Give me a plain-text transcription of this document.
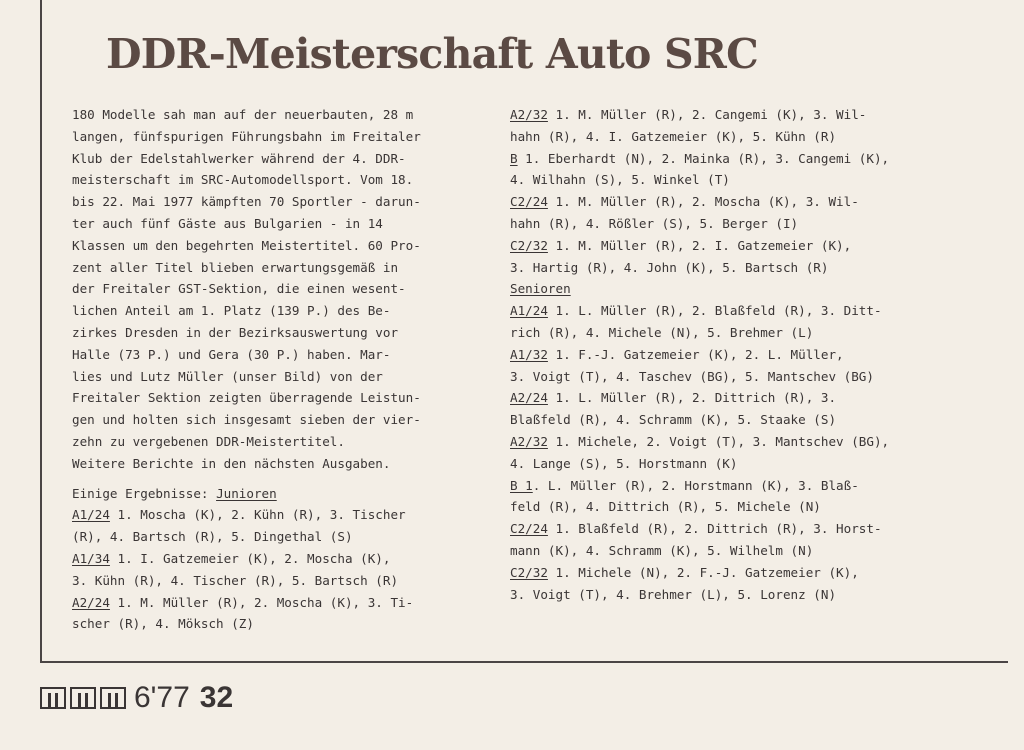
DDR-Meisterschaft Auto SRC
180 Modelle sah man auf der neuerbauten, 28 m
langen, fünfspurigen Führungsbahn im Freitaler
Klub der Edelstahlwerker während der 4. DDR-
meisterschaft im SRC-Automodellsport. Vom 18.
bis 22. Mai 1977 kämpften 70 Sportler - darun-
ter auch fünf Gäste aus Bulgarien - in 14
Klassen um den begehrten Meistertitel. 60 Pro-
zent aller Titel blieben erwartungsgemäß in
der Freitaler GST-Sektion, die einen wesent-
lichen Anteil am 1. Platz (139 P.) des Be-
zirkes Dresden in der Bezirksauswertung vor
Halle (73 P.) und Gera (30 P.) haben. Mar-
lies und Lutz Müller (unser Bild) von der
Freitaler Sektion zeigten überragende Leistun-
gen und holten sich insgesamt sieben der vier-
zehn zu vergebenen DDR-Meistertitel.
Weitere Berichte in den nächsten Ausgaben.
Einige Ergebnisse: Junioren
A1/24 1. Moscha (K), 2. Kühn (R), 3. Tischer
(R), 4. Bartsch (R), 5. Dingethal (S)
A1/34 1. I. Gatzemeier (K), 2. Moscha (K),
3. Kühn (R), 4. Tischer (R), 5. Bartsch (R)
A2/24 1. M. Müller (R), 2. Moscha (K), 3. Ti-
scher (R), 4. Möksch (Z)
A2/32 1. M. Müller (R), 2. Cangemi (K), 3. Wil-
hahn (R), 4. I. Gatzemeier (K), 5. Kühn (R)
B 1. Eberhardt (N), 2. Mainka (R), 3. Cangemi (K),
4. Wilhahn (S), 5. Winkel (T)
C2/24 1. M. Müller (R), 2. Moscha (K), 3. Wil-
hahn (R), 4. Rößler (S), 5. Berger (I)
C2/32 1. M. Müller (R), 2. I. Gatzemeier (K),
3. Hartig (R), 4. John (K), 5. Bartsch (R)
Senioren
A1/24 1. L. Müller (R), 2. Blaßfeld (R), 3. Ditt-
rich (R), 4. Michele (N), 5. Brehmer (L)
A1/32 1. F.-J. Gatzemeier (K), 2. L. Müller,
3. Voigt (T), 4. Taschev (BG), 5. Mantschev (BG)
A2/24 1. L. Müller (R), 2. Dittrich (R), 3.
Blaßfeld (R), 4. Schramm (K), 5. Staake (S)
A2/32 1. Michele, 2. Voigt (T), 3. Mantschev (BG),
4. Lange (S), 5. Horstmann (K)
B 1. L. Müller (R), 2. Horstmann (K), 3. Blaß-
feld (R), 4. Dittrich (R), 5. Michele (N)
C2/24 1. Blaßfeld (R), 2. Dittrich (R), 3. Horst-
mann (K), 4. Schramm (K), 5. Wilhelm (N)
C2/32 1. Michele (N), 2. F.-J. Gatzemeier (K),
3. Voigt (T), 4. Brehmer (L), 5. Lorenz (N)
6'77 32
